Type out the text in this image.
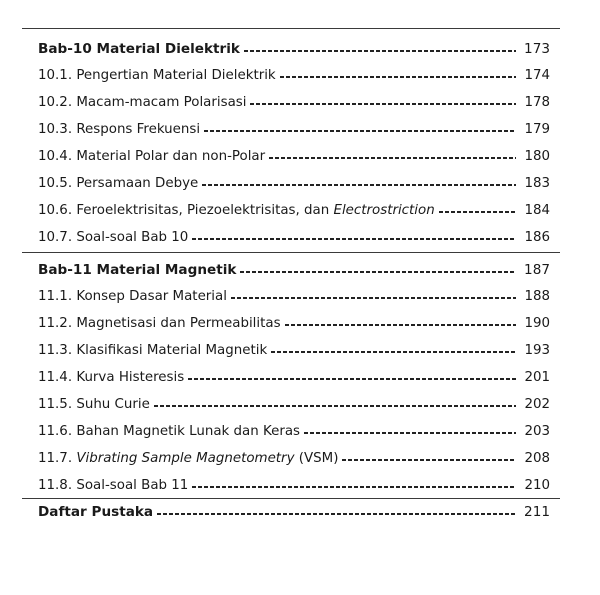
Bab-10 Material Dielektrik	173
10.1. Pengertian Material Dielektrik	174
10.2. Macam-macam Polarisasi	178
10.3. Respons Frekuensi	179
10.4. Material Polar dan non-Polar	180
10.5. Persamaan Debye	183
10.6. Feroelektrisitas, Piezoelektrisitas, dan Electrostriction	184
10.7. Soal-soal Bab 10	186
Bab-11 Material Magnetik	187
11.1. Konsep Dasar Material	188
11.2. Magnetisasi dan Permeabilitas	190
11.3. Klasifikasi Material Magnetik	193
11.4. Kurva Histeresis	201
11.5. Suhu Curie	202
11.6. Bahan Magnetik Lunak dan Keras	203
11.7. Vibrating Sample Magnetometry (VSM)	208
11.8. Soal-soal Bab 11	210
Daftar Pustaka	211
